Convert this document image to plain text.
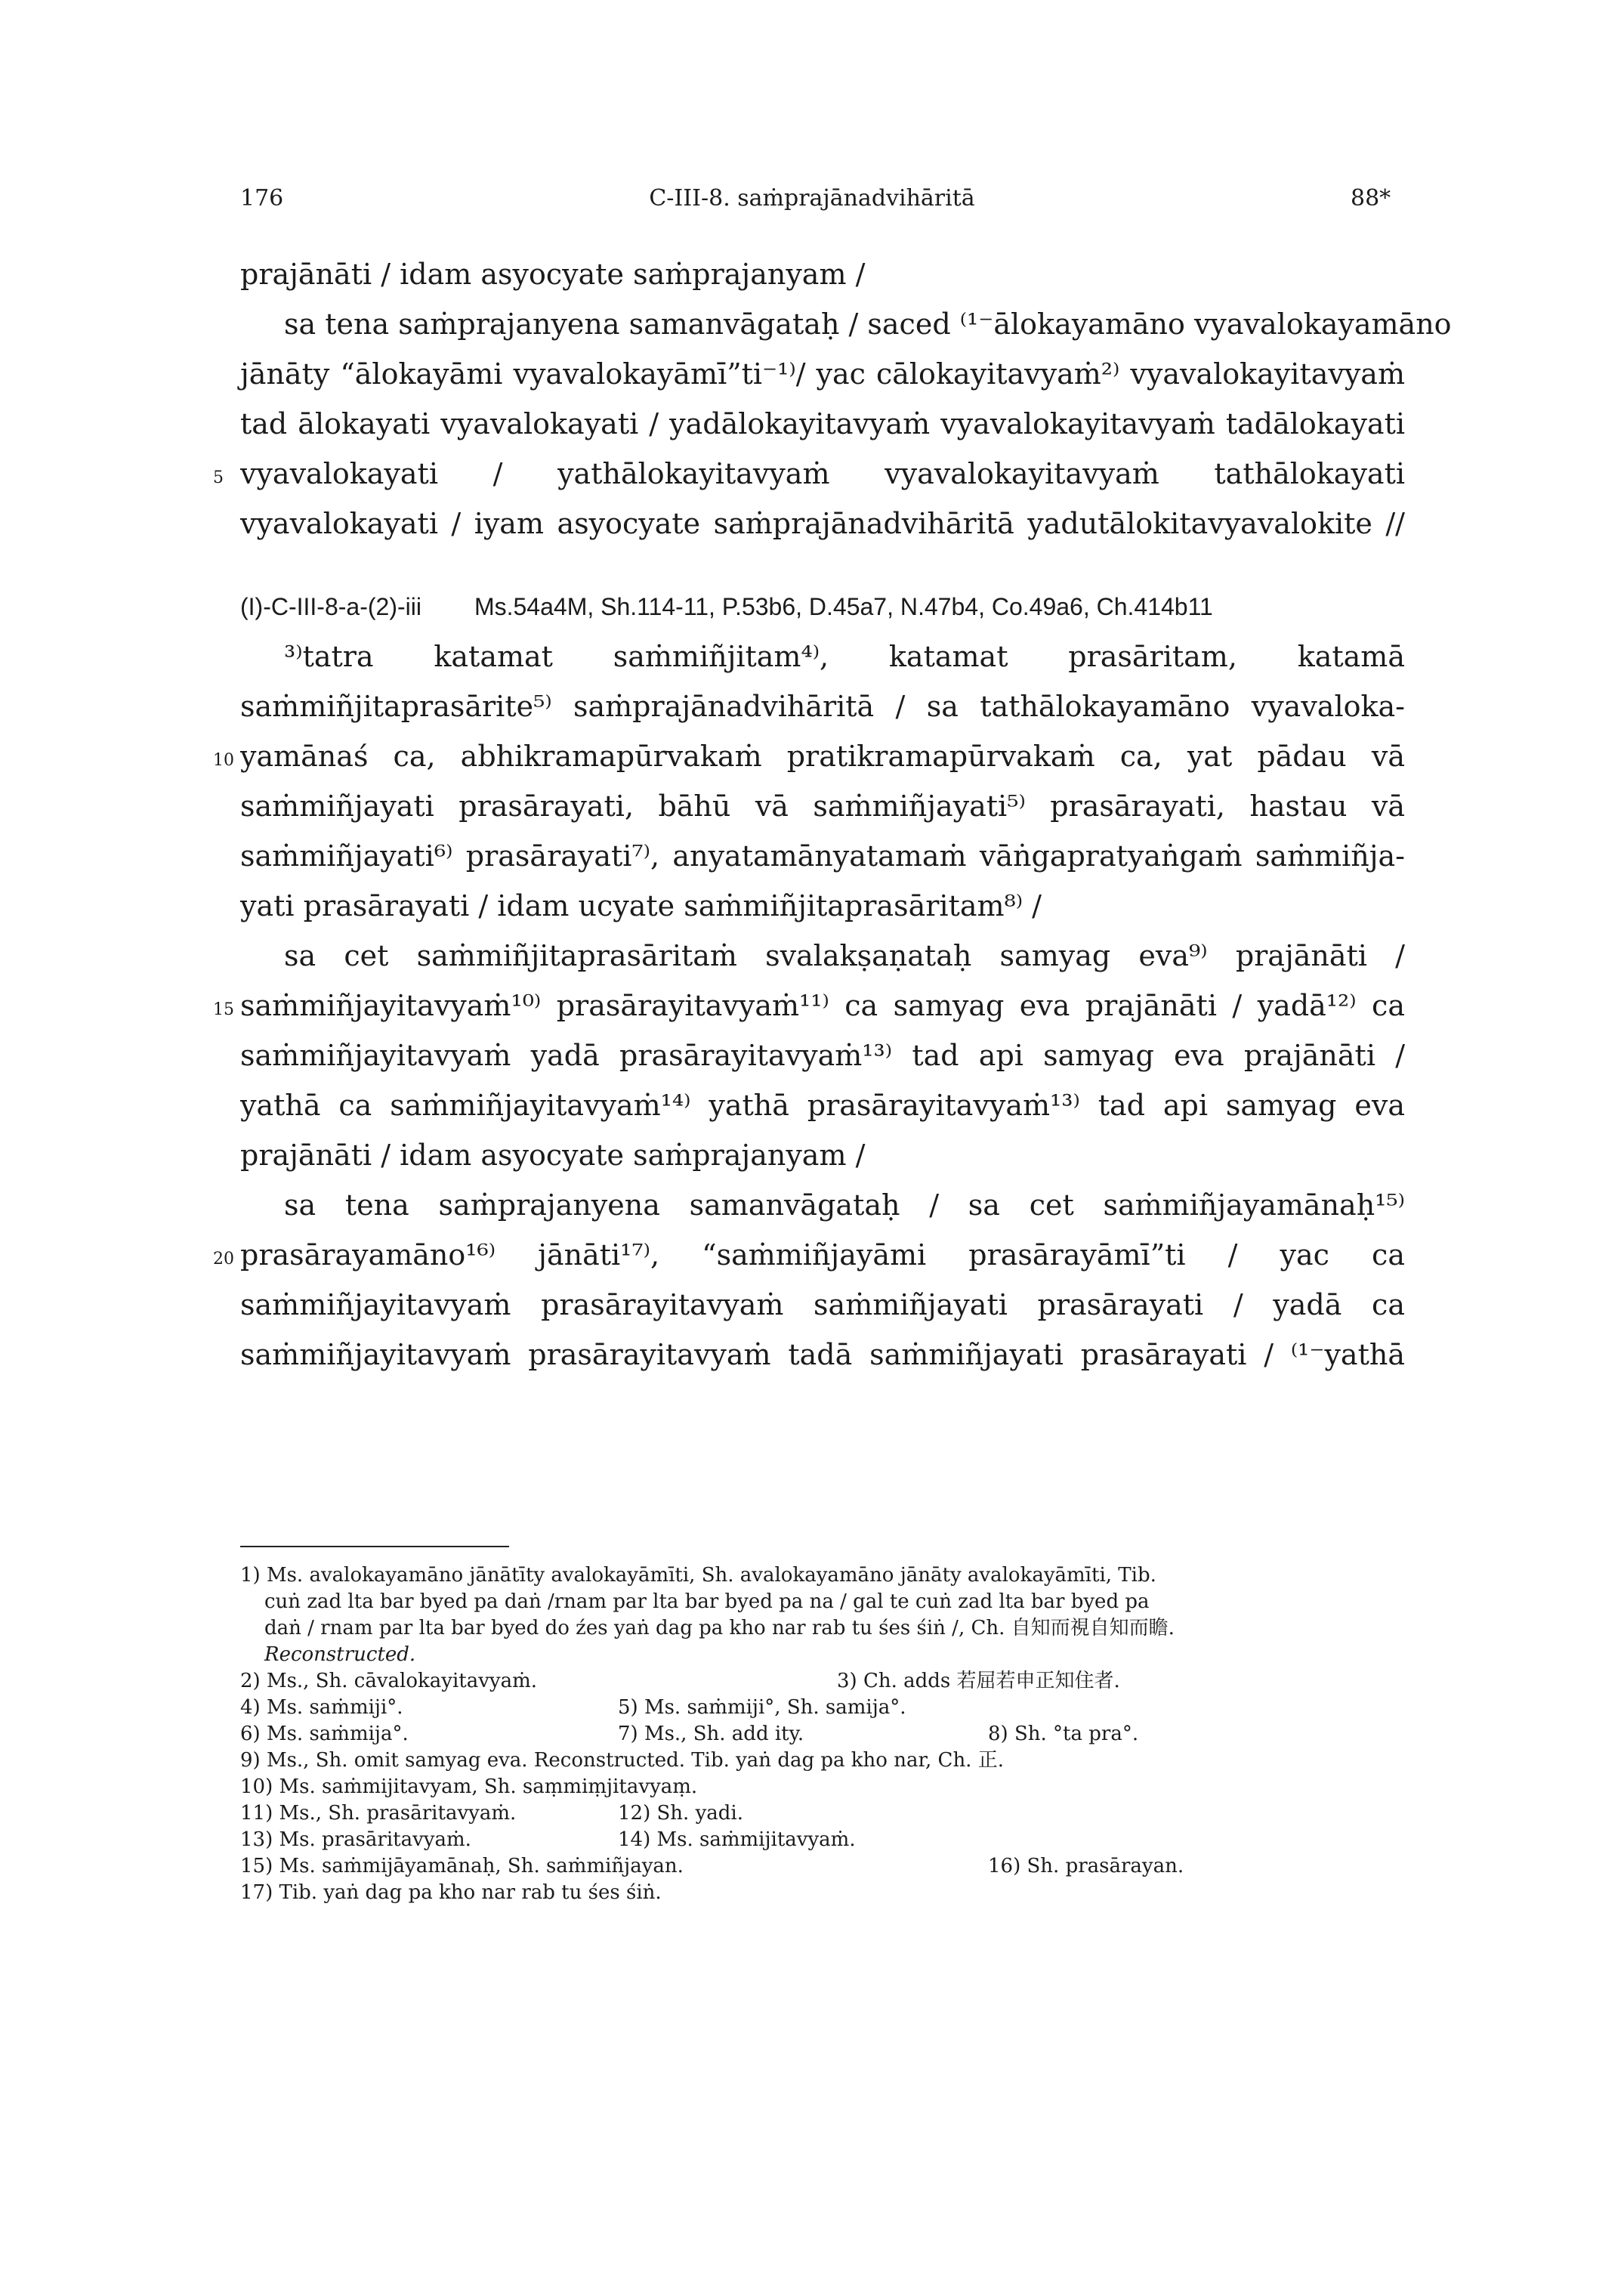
C-III-8. saṁprajānadvihāritā
176	88*
prajānāti / idam asyocyate saṁprajanyam /
sa tena saṁprajanyena samanvāgataḥ / saced ⁽¹⁻ālokayamāno vyavalokayamāno
jānāty “ālokayāmi vyavalokayāmī”ti⁻¹⁾/ yac cālokayitavyaṁ²⁾ vyavalokayitavyaṁ
tad ālokayati vyavalokayati / yadālokayitavyaṁ vyavalokayitavyaṁ tadālokayati
5 vyavalokayati / yathālokayitavyaṁ vyavalokayitavyaṁ tathālokayati
vyavalokayati / iyam asyocyate saṁprajānadvihāritā yadutālokitavyavalokite //
(I)-C-III-8-a-(2)-iii Ms.54a4M, Sh.114-11, P.53b6, D.45a7, N.47b4, Co.49a6, Ch.414b11
³⁾tatra katamat saṁmiñjitam⁴⁾, katamat prasāritam, katamā
saṁmiñjitaprasārite⁵⁾ saṁprajānadvihāritā / sa tathālokayamāno vyavaloka-
10 yamānaś ca, abhikramapūrvakaṁ pratikramapūrvakaṁ ca, yat pādau vā
saṁmiñjayati prasārayati, bāhū vā saṁmiñjayati⁵⁾ prasārayati, hastau vā
saṁmiñjayati⁶⁾ prasārayati⁷⁾, anyatamānyatamaṁ vāṅgapratyaṅgaṁ saṁmiñja-
yati prasārayati / idam ucyate saṁmiñjitaprasāritam⁸⁾ /
sa cet saṁmiñjitaprasāritaṁ svalakṣaṇataḥ samyag eva⁹⁾ prajānāti /
15 saṁmiñjayitavyaṁ¹⁰⁾ prasārayitavyaṁ¹¹⁾ ca samyag eva prajānāti / yadā¹²⁾ ca
saṁmiñjayitavyaṁ yadā prasārayitavyaṁ¹³⁾ tad api samyag eva prajānāti /
yathā ca saṁmiñjayitavyaṁ¹⁴⁾ yathā prasārayitavyaṁ¹³⁾ tad api samyag eva
prajānāti / idam asyocyate saṁprajanyam /
sa tena saṁprajanyena samanvāgataḥ / sa cet saṁmiñjayamānaḥ¹⁵⁾
20 prasārayamāno¹⁶⁾ jānāti¹⁷⁾, “saṁmiñjayāmi prasārayāmī”ti / yac ca
saṁmiñjayitavyaṁ prasārayitavyaṁ saṁmiñjayati prasārayati / yadā ca
saṁmiñjayitavyaṁ prasārayitavyaṁ tadā saṁmiñjayati prasārayati / ⁽¹⁻yathā
1) Ms. avalokayamāno jānātīty avalokayāmīti, Sh. avalokayamāno jānāty avalokayāmīti, Tib.
cuṅ zad lta bar byed pa daṅ /rnam par lta bar byed pa na / gal te cuṅ zad lta bar byed pa
daṅ / rnam par lta bar byed do źes yaṅ dag pa kho nar rab tu śes śiṅ /, Ch. 自知而視自知而瞻.
Reconstructed.
2) Ms., Sh. cāvalokayitavyaṁ.	3) Ch. adds 若屈若申正知住者.
4) Ms. saṁmiji°.	5) Ms. saṁmiji°, Sh. samija°.
6) Ms. saṁmija°.	7) Ms., Sh. add ity.	8) Sh. °ta pra°.
9) Ms., Sh. omit samyag eva. Reconstructed. Tib. yaṅ dag pa kho nar, Ch. 正.
10) Ms. saṁmijitavyam, Sh. saṃmiṃjitavyaṃ.
11) Ms., Sh. prasāritavyaṁ.	12) Sh. yadi.
13) Ms. prasāritavyaṁ.	14) Ms. saṁmijitavyaṁ.
15) Ms. saṁmijāyamānaḥ, Sh. saṁmiñjayan.	16) Sh. prasārayan.
17) Tib. yaṅ dag pa kho nar rab tu śes śiṅ.
